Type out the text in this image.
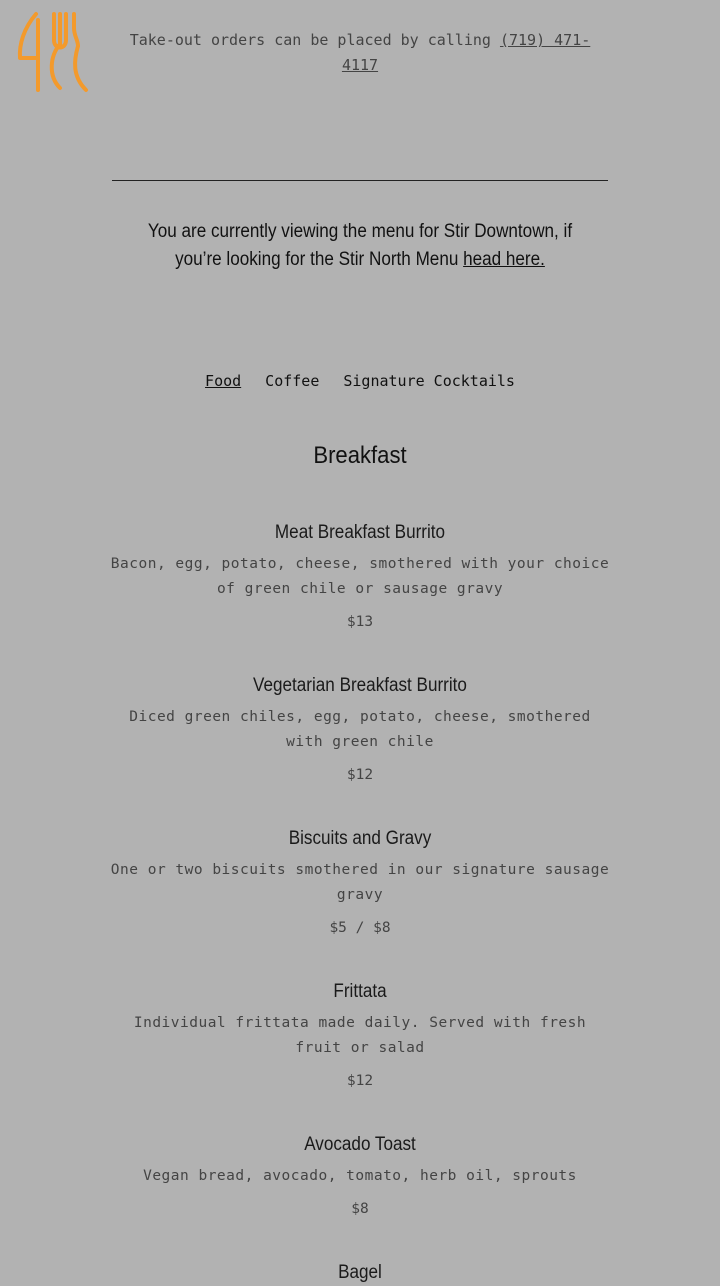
Take-out orders can be placed by calling (719) 471-4117
You are currently viewing the menu for Stir Downtown, if you’re looking for the Stir North Menu head here.
Food Coffee Signature Cocktails
Breakfast
Meat Breakfast Burrito
Bacon, egg, potato, cheese, smothered with your choice of green chile or sausage gravy
$13
Vegetarian Breakfast Burrito
Diced green chiles, egg, potato, cheese, smothered with green chile
$12
Biscuits and Gravy
One or two biscuits smothered in our signature sausage gravy
$5 / $8
Frittata
Individual frittata made daily. Served with fresh fruit or salad
$12
Avocado Toast
Vegan bread, avocado, tomato, herb oil, sprouts
$8
Bagel
